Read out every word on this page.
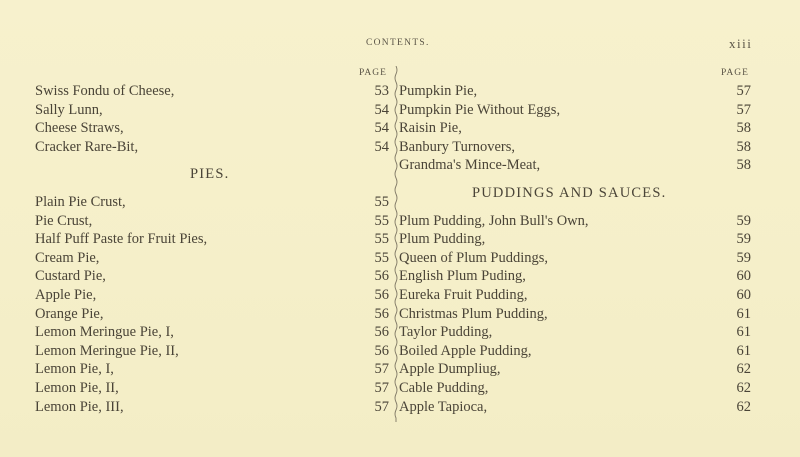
CONTENTS.	xiii
PAGE	PAGE
Swiss Fondu of Cheese,	53
Sally Lunn,	54
Cheese Straws,	54
Cracker Rare-Bit,	54
PIES.
Plain Pie Crust,	55
Pie Crust,	55
Half Puff Paste for Fruit Pies,	55
Cream Pie,	55
Custard Pie,	56
Apple Pie,	56
Orange Pie,	56
Lemon Meringue Pie, I,	56
Lemon Meringue Pie, II,	56
Lemon Pie, I,	57
Lemon Pie, II,	57
Lemon Pie, III,	57
Pumpkin Pie,	57
Pumpkin Pie Without Eggs,	57
Raisin Pie,	58
Banbury Turnovers,	58
Grandma's Mince-Meat,	58
PUDDINGS AND SAUCES.
Plum Pudding, John Bull's Own,	59
Plum Pudding,	59
Queen of Plum Puddings,	59
English Plum Puding,	60
Eureka Fruit Pudding,	60
Christmas Plum Pudding,	61
Taylor Pudding,	61
Boiled Apple Pudding,	61
Apple Dumpliug,	62
Cable Pudding,	62
Apple Tapioca,	62
